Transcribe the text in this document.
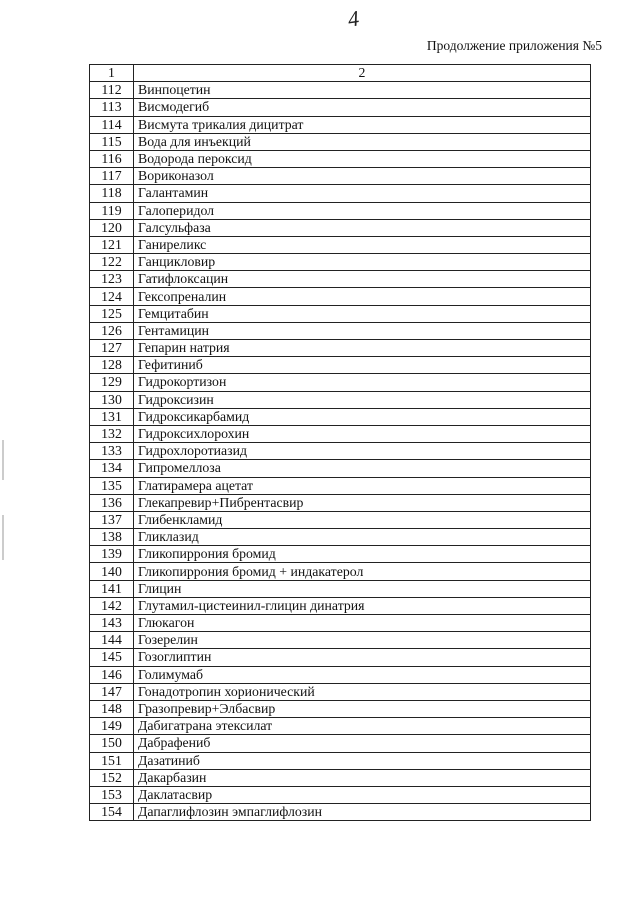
4
Продолжение приложения №5
1	2
112	Винпоцетин
113	Висмодегиб
114	Висмута трикалия дицитрат
115	Вода для инъекций
116	Водорода пероксид
117	Вориконазол
118	Галантамин
119	Галоперидол
120	Галсульфаза
121	Ганиреликс
122	Ганцикловир
123	Гатифлоксацин
124	Гексопреналин
125	Гемцитабин
126	Гентамицин
127	Гепарин натрия
128	Гефитиниб
129	Гидрокортизон
130	Гидроксизин
131	Гидроксикарбамид
132	Гидроксихлорохин
133	Гидрохлоротиазид
134	Гипромеллоза
135	Глатирамера ацетат
136	Глекапревир+Пибрентасвир
137	Глибенкламид
138	Гликлазид
139	Гликопиррония бромид
140	Гликопиррония бромид + индакатерол
141	Глицин
142	Глутамил-цистеинил-глицин динатрия
143	Глюкагон
144	Гозерелин
145	Гозоглиптин
146	Голимумаб
147	Гонадотропин хорионический
148	Гразопревир+Элбасвир
149	Дабигатрана этексилат
150	Дабрафениб
151	Дазатиниб
152	Дакарбазин
153	Даклатасвир
154	Дапаглифлозин эмпаглифлозин
